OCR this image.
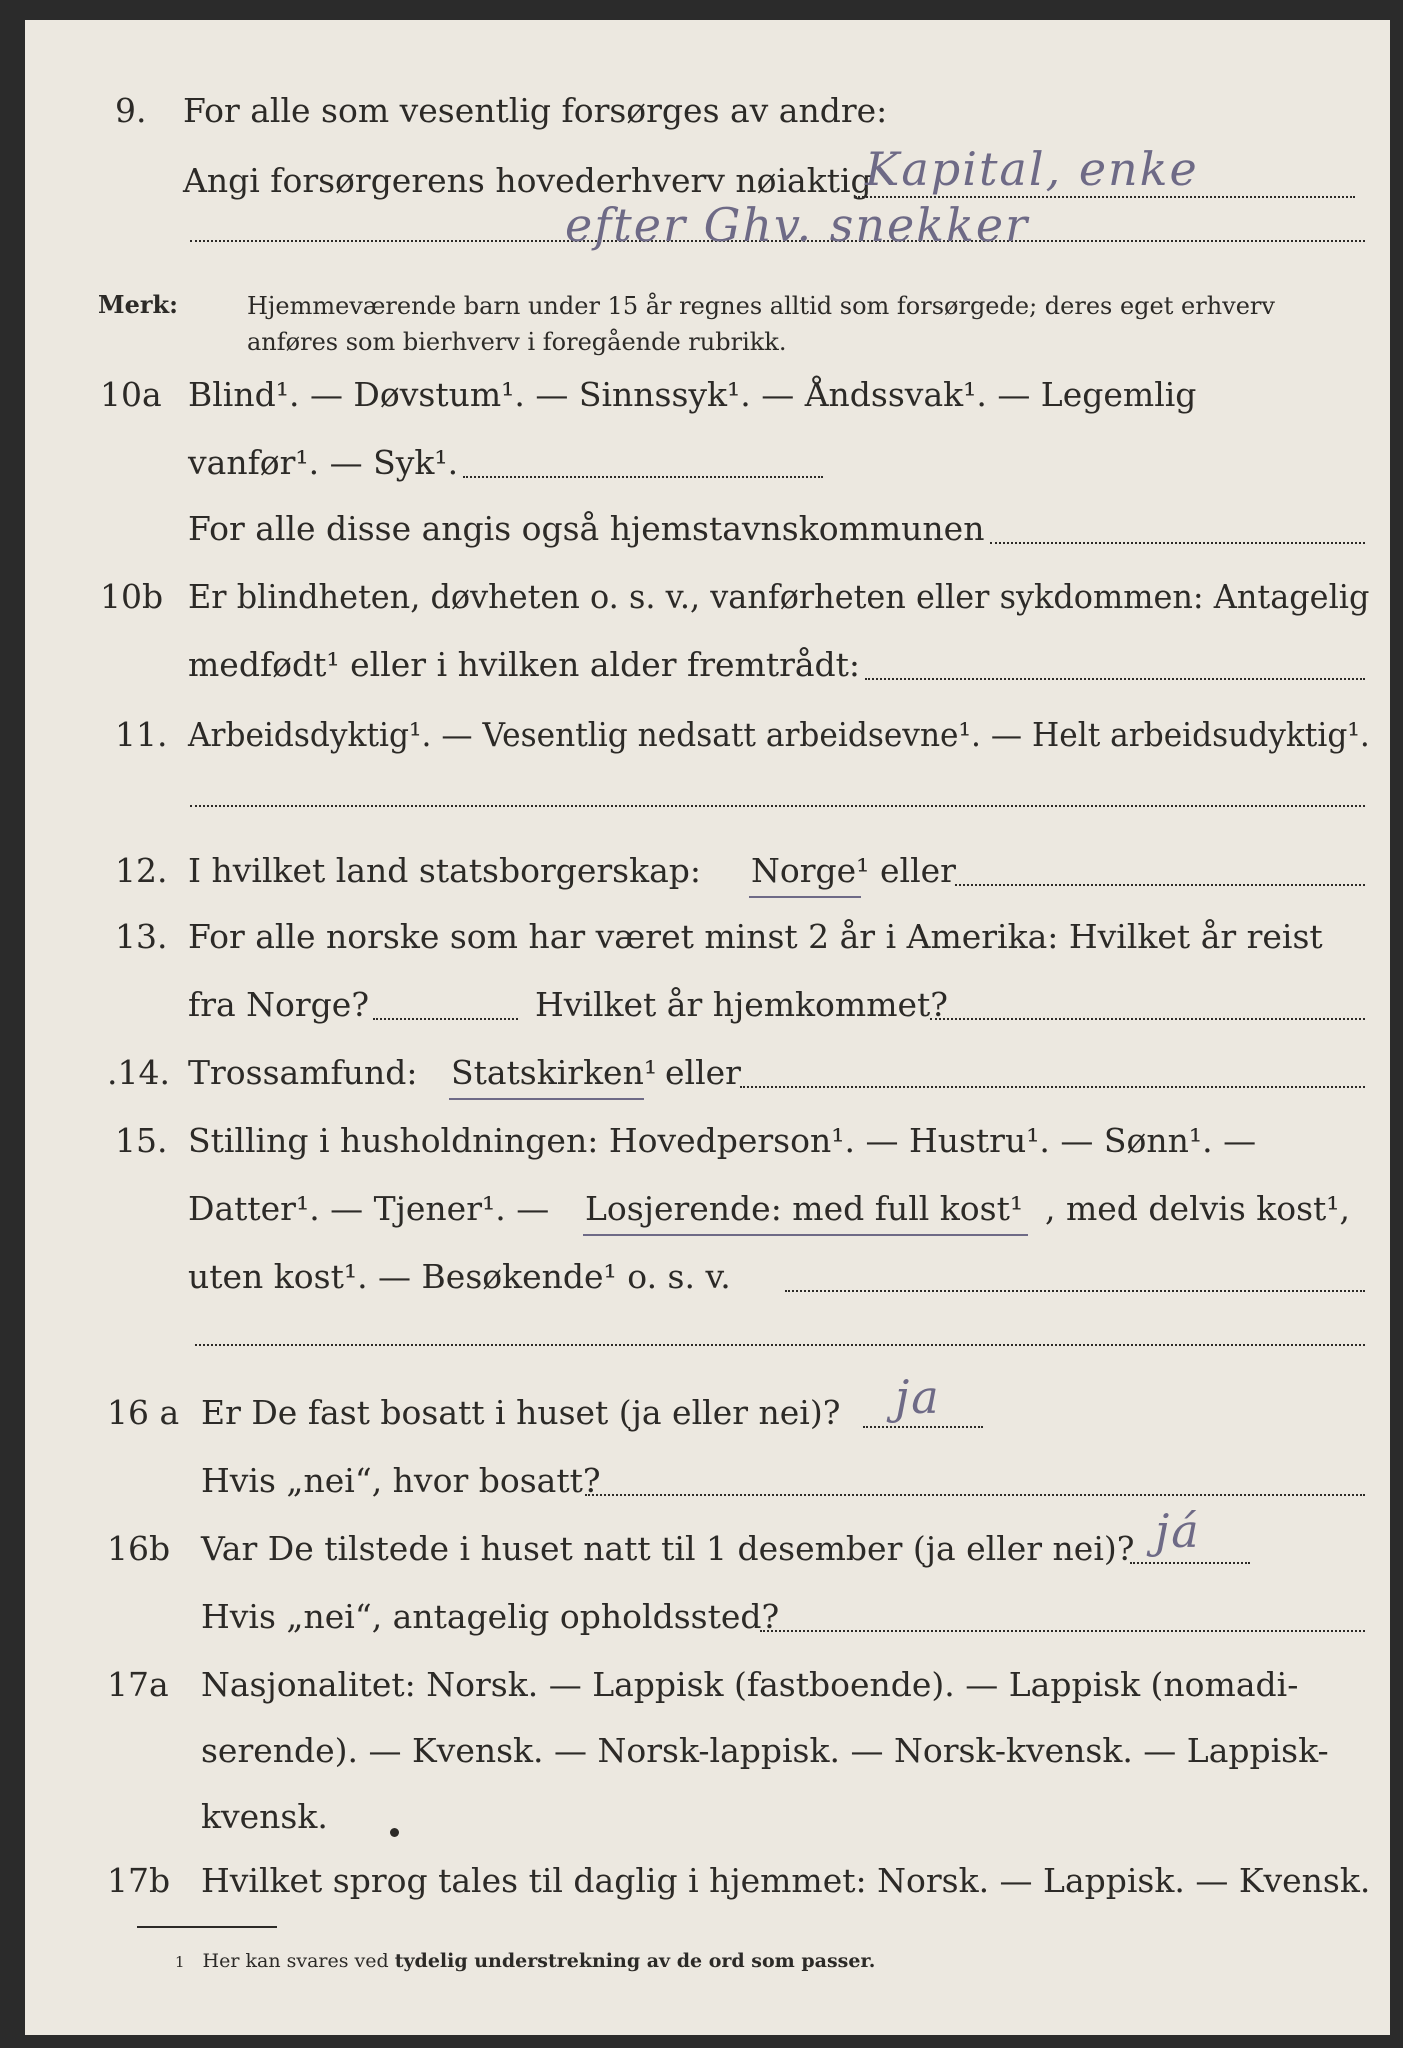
9. For alle som vesentlig forsørges av andre:
Angi forsørgerens hovederhverv nøiaktig
Kapital, enke
efter Ghv. snekker
Merk:	Hjemmeværende barn under 15 år regnes alltid som forsørgede; deres eget erhverv anføres som bierhverv i foregående rubrikk.
10a Blind¹. — Døvstum¹. — Sinnssyk¹. — Åndssvak¹. — Legemlig
vanfør¹. — Syk¹.
For alle disse angis også hjemstavnskommunen
10b Er blindheten, døvheten o. s. v., vanførheten eller sykdommen: Antagelig
medfødt¹ eller i hvilken alder fremtrådt:
11. Arbeidsdyktig¹. — Vesentlig nedsatt arbeidsevne¹. — Helt arbeidsudyktig¹.
12. I hvilket land statsborgerskap: Norge¹ eller
13. For alle norske som har været minst 2 år i Amerika: Hvilket år reist
fra Norge?	Hvilket år hjemkommet?
.14. Trossamfund: Statskirken¹ eller
15. Stilling i husholdningen: Hovedperson¹. — Hustru¹. — Sønn¹. —
Datter¹. — Tjener¹. — Losjerende: med full kost¹ , med delvis kost¹,
uten kost¹. — Besøkende¹ o. s. v.
16 a Er De fast bosatt i huset (ja eller nei)? ja
Hvis „nei“, hvor bosatt?
16b Var De tilstede i huset natt til 1 desember (ja eller nei)? já
Hvis „nei“, antagelig opholdssted?
17a Nasjonalitet: Norsk. — Lappisk (fastboende). — Lappisk (nomadi-
serende). — Kvensk. — Norsk-lappisk. — Norsk-kvensk. — Lappisk-
kvensk.
17b Hvilket sprog tales til daglig i hjemmet: Norsk. — Lappisk. — Kvensk.
1 Her kan svares ved tydelig understrekning av de ord som passer.
